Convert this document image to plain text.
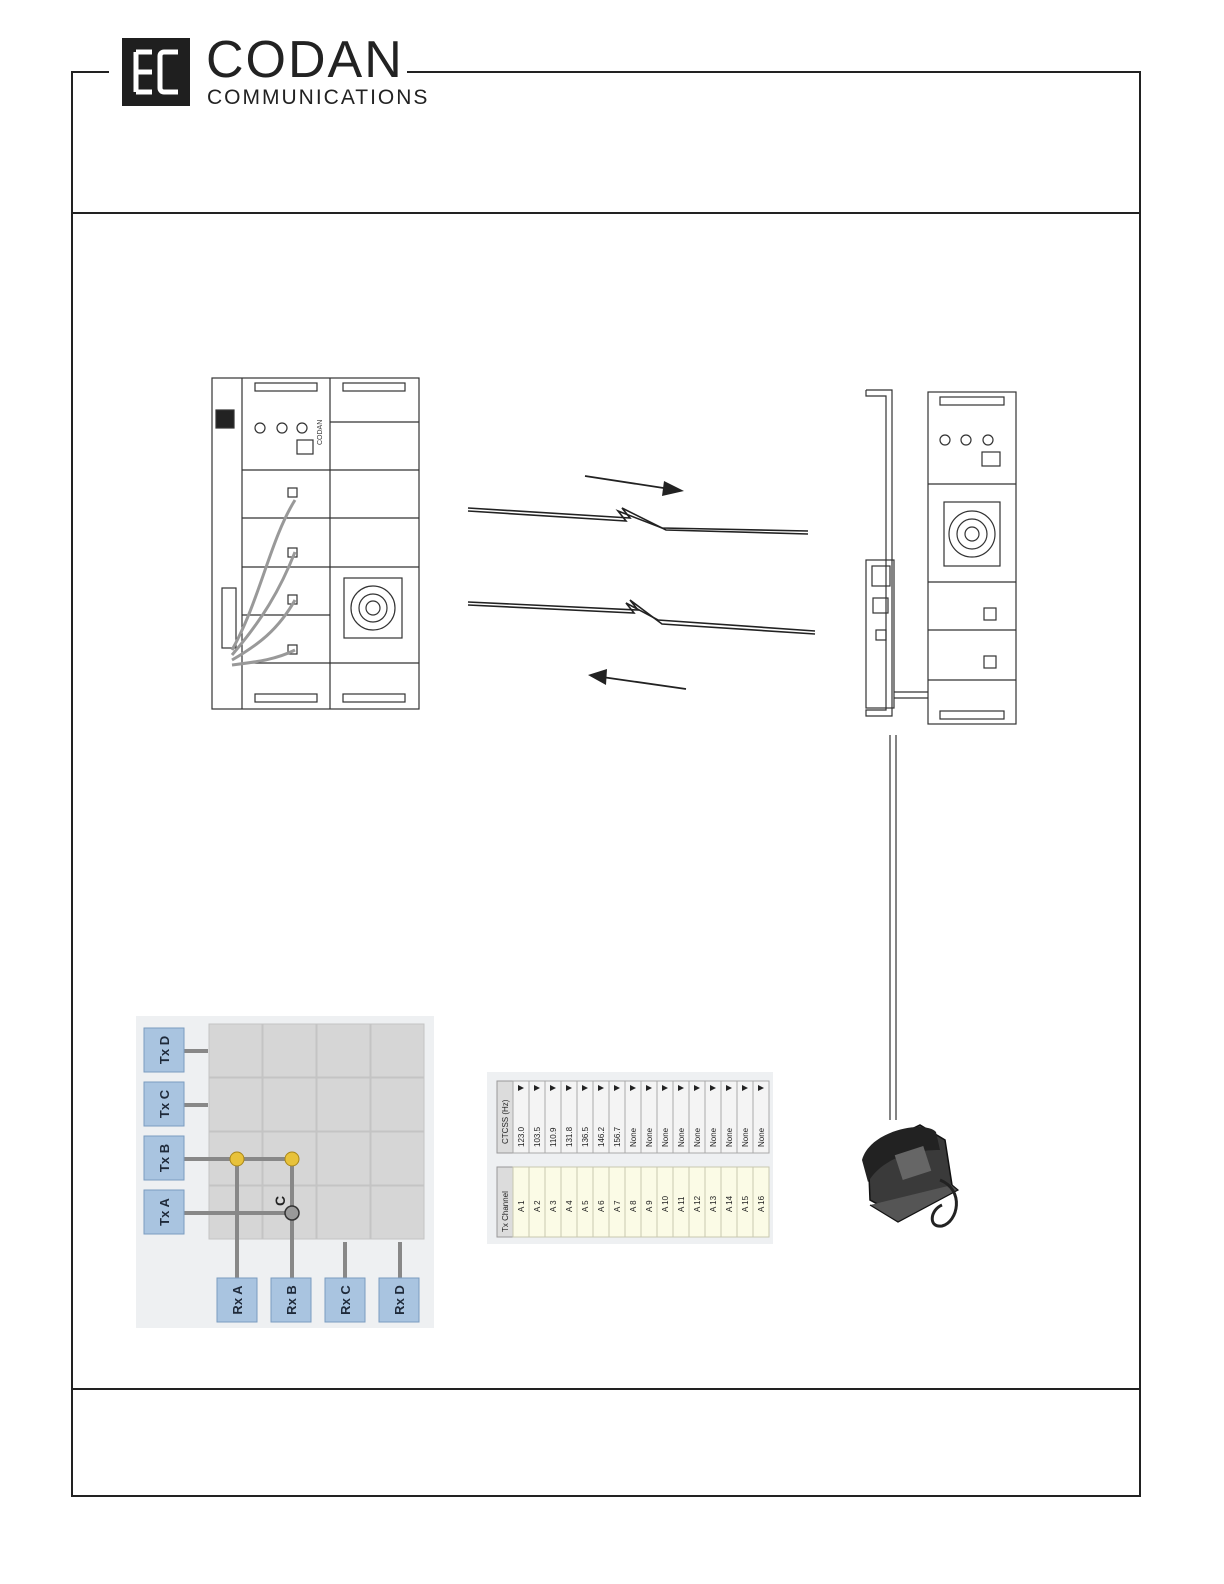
CODAN
COMMUNICATIONS
CODAN
Tx D
Tx C
Tx B
Tx A
Rx A	Rx B	Rx C	Rx D
C
CTCSS (Hz) 123.0 103.5 110.9 131.8 136.5 146.2 156.7 None None None None None None None None None
Tx Channel A 1 A 2 A 3 A 4 A 5 A 6 A 7 A 8 A 9 A 10 A 11 A 12 A 13 A 14 A 15 A 16
